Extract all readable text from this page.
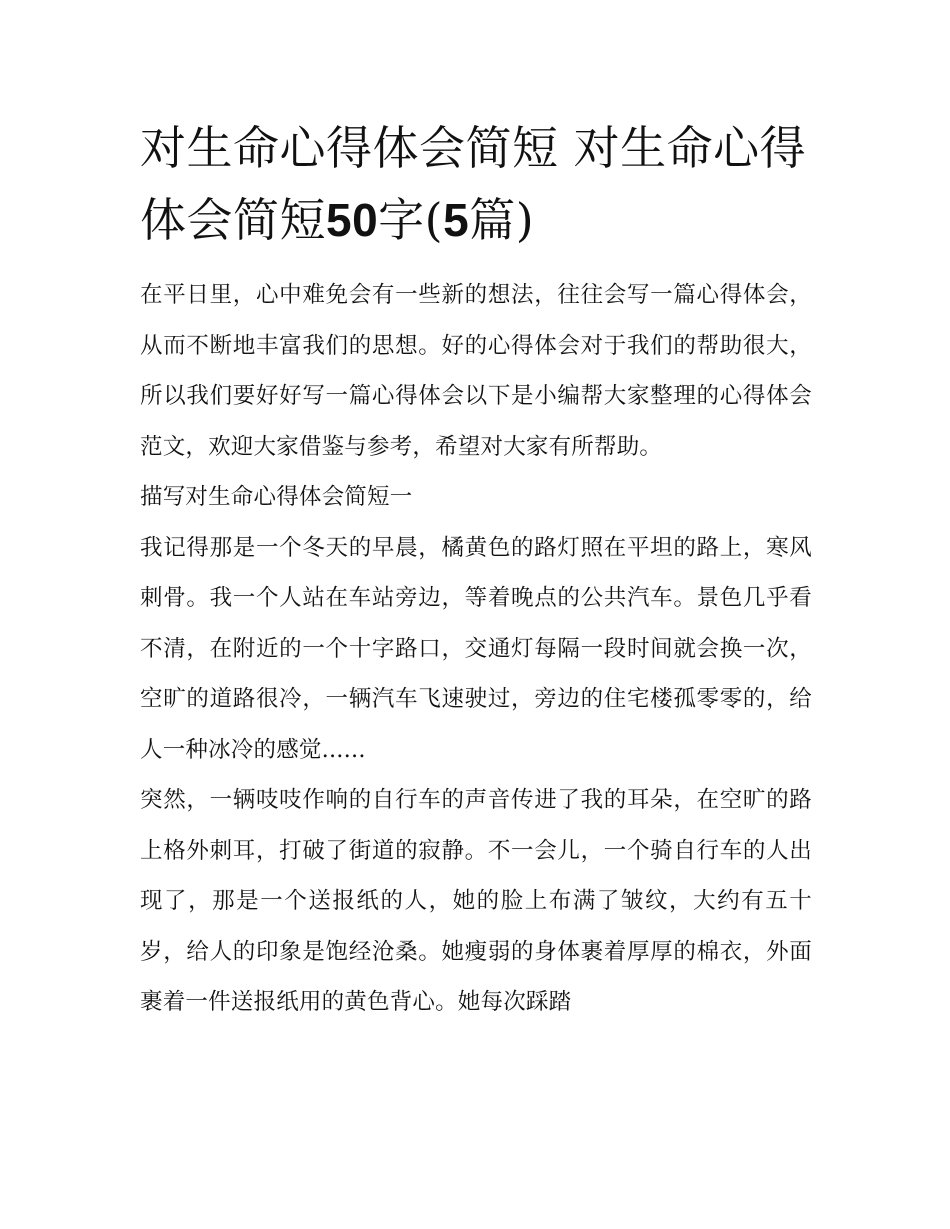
对生命心得体会简短 对生命心得体会简短50字(5篇)

在平日里，心中难免会有一些新的想法，往往会写一篇心得体会，从而不断地丰富我们的思想。好的心得体会对于我们的帮助很大，所以我们要好好写一篇心得体会以下是小编帮大家整理的心得体会范文，欢迎大家借鉴与参考，希望对大家有所帮助。

描写对生命心得体会简短一

我记得那是一个冬天的早晨，橘黄色的路灯照在平坦的路上，寒风刺骨。我一个人站在车站旁边，等着晚点的公共汽车。景色几乎看不清，在附近的一个十字路口，交通灯每隔一段时间就会换一次，空旷的道路很冷，一辆汽车飞速驶过，旁边的住宅楼孤零零的，给人一种冰冷的感觉......

突然，一辆吱吱作响的自行车的声音传进了我的耳朵，在空旷的路上格外刺耳，打破了街道的寂静。不一会儿，一个骑自行车的人出现了，那是一个送报纸的人，她的脸上布满了皱纹，大约有五十岁，给人的印象是饱经沧桑。她瘦弱的身体裹着厚厚的棉衣，外面裹着一件送报纸用的黄色背心。她每次踩踏
